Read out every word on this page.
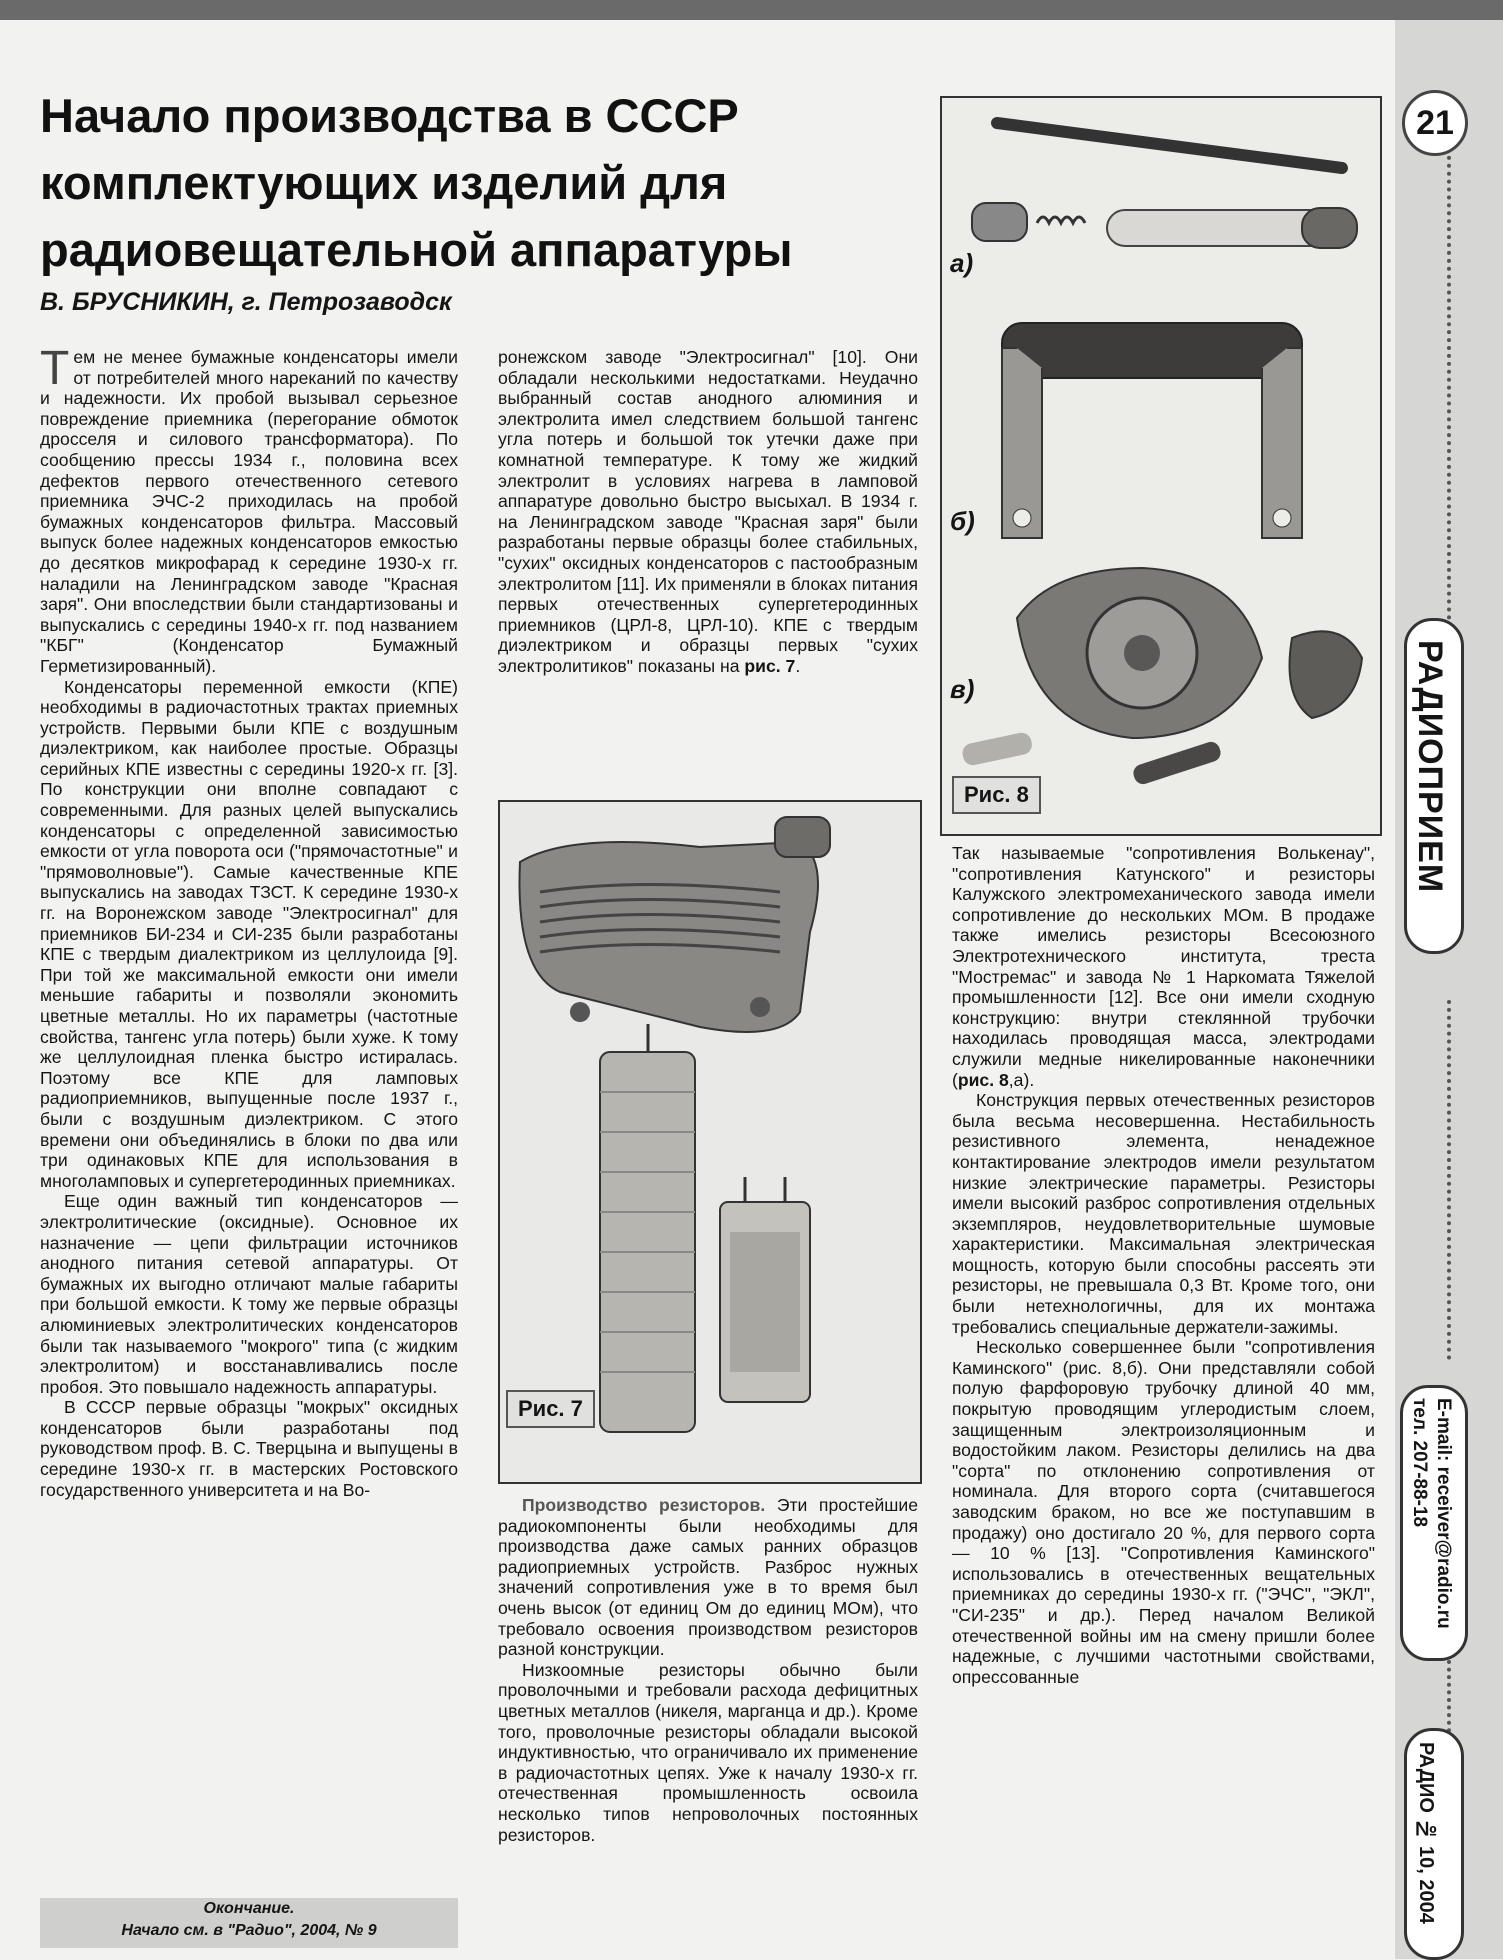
21
РАДИОПРИЕМ
E-mail: receiver@radio.ru
тел. 207-88-18
РАДИО № 10, 2004
Начало производства в СССР комплектующих изделий для радиовещательной аппаратуры
В. БРУСНИКИН, г. Петрозаводск

Тем не менее бумажные конденсаторы имели от потребителей много нареканий по качеству и надежности. Их пробой вызывал серьезное повреждение приемника (перегорание обмоток дросселя и силового трансформатора). По сообщению прессы 1934 г., половина всех дефектов первого отечественного сетевого приемника ЭЧС-2 приходилась на пробой бумажных конденсаторов фильтра. Массовый выпуск более надежных конденсаторов емкостью до десятков микрофарад к середине 1930-х гг. наладили на Ленинградском заводе "Красная заря". Они впоследствии были стандартизованы и выпускались с середины 1940-х гг. под названием "КБГ" (Конденсатор Бумажный Герметизированный).

Конденсаторы переменной емкости (КПЕ) необходимы в радиочастотных трактах приемных устройств. Первыми были КПЕ с воздушным диэлектриком, как наиболее простые. Образцы серийных КПЕ известны с середины 1920-х гг. [3]. По конструкции они вполне совпадают с современными. Для разных целей выпускались конденсаторы с определенной зависимостью емкости от угла поворота оси ("прямочастотные" и "прямоволновые"). Самые качественные КПЕ выпускались на заводах ТЗСТ. К середине 1930-х гг. на Воронежском заводе "Электросигнал" для приемников БИ-234 и СИ-235 были разработаны КПЕ с твердым диалектриком из целлулоида [9]. При той же максимальной емкости они имели меньшие габариты и позволяли экономить цветные металлы. Но их параметры (частотные свойства, тангенс угла потерь) были хуже. К тому же целлулоидная пленка быстро истиралась. Поэтому все КПЕ для ламповых радиоприемников, выпущенные после 1937 г., были с воздушным диэлектриком. С этого времени они объединялись в блоки по два или три одинаковых КПЕ для использования в многоламповых и супергетеродинных приемниках.

Еще один важный тип конденсаторов — электролитические (оксидные). Основное их назначение — цепи фильтрации источников анодного питания сетевой аппаратуры. От бумажных их выгодно отличают малые габариты при большой емкости. К тому же первые образцы алюминиевых электролитических конденсаторов были так называемого "мокрого" типа (с жидким электролитом) и восстанавливались после пробоя. Это повышало надежность аппаратуры.

В СССР первые образцы "мокрых" оксидных конденсаторов были разработаны под руководством проф. В. С. Тверцына и выпущены в середине 1930-х гг. в мастерских Ростовского государственного университета и на Во-

Окончание.
Начало см. в "Радио", 2004, № 9

ронежском заводе "Электросигнал" [10]. Они обладали несколькими недостатками. Неудачно выбранный состав анодного алюминия и электролита имел следствием большой тангенс угла потерь и большой ток утечки даже при комнатной температуре. К тому же жидкий электролит в условиях нагрева в ламповой аппаратуре довольно быстро высыхал. В 1934 г. на Ленинградском заводе "Красная заря" были разработаны первые образцы более стабильных, "сухих" оксидных конденсаторов с пастообразным электролитом [11]. Их применяли в блоках питания первых отечественных супергетеродинных приемников (ЦРЛ-8, ЦРЛ-10). КПЕ с твердым диэлектриком и образцы первых "сухих электролитиков" показаны на рис. 7.

Рис. 7

Производство резисторов. Эти простейшие радиокомпоненты были необходимы для производства даже самых ранних образцов радиоприемных устройств. Разброс нужных значений сопротивления уже в то время был очень высок (от единиц Ом до единиц МОм), что требовало освоения производством резисторов разной конструкции.

Низкоомные резисторы обычно были проволочными и требовали расхода дефицитных цветных металлов (никеля, марганца и др.). Кроме того, проволочные резисторы обладали высокой индуктивностью, что ограничивало их применение в радиочастотных цепях. Уже к началу 1930-х гг. отечественная промышленность освоила несколько типов непроволочных постоянных резисторов.

а)
б)
в)
Рис. 8

Так называемые "сопротивления Волькенау", "сопротивления Катунского" и резисторы Калужского электромеханического завода имели сопротивление до нескольких МОм. В продаже также имелись резисторы Всесоюзного Электротехнического института, треста "Мостремас" и завода № 1 Наркомата Тяжелой промышленности [12]. Все они имели сходную конструкцию: внутри стеклянной трубочки находилась проводящая масса, электродами служили медные никелированные наконечники (рис. 8,а).

Конструкция первых отечественных резисторов была весьма несовершенна. Нестабильность резистивного элемента, ненадежное контактирование электродов имели результатом низкие электрические параметры. Резисторы имели высокий разброс сопротивления отдельных экземпляров, неудовлетворительные шумовые характеристики. Максимальная электрическая мощность, которую были способны рассеять эти резисторы, не превышала 0,3 Вт. Кроме того, они были нетехнологичны, для их монтажа требовались специальные держатели-зажимы.

Несколько совершеннее были "сопротивления Каминского" (рис. 8,б). Они представляли собой полую фарфоровую трубочку длиной 40 мм, покрытую проводящим углеродистым слоем, защищенным электроизоляционным и водостойким лаком. Резисторы делились на два "сорта" по отклонению сопротивления от номинала. Для второго сорта (считавшегося заводским браком, но все же поступавшим в продажу) оно достигало 20 %, для первого сорта — 10 % [13]. "Сопротивления Каминского" использовались в отечественных вещательных приемниках до середины 1930-х гг. ("ЭЧС", "ЭКЛ", "СИ-235" и др.). Перед началом Великой отечественной войны им на смену пришли более надежные, с лучшими частотными свойствами, опрессованные
